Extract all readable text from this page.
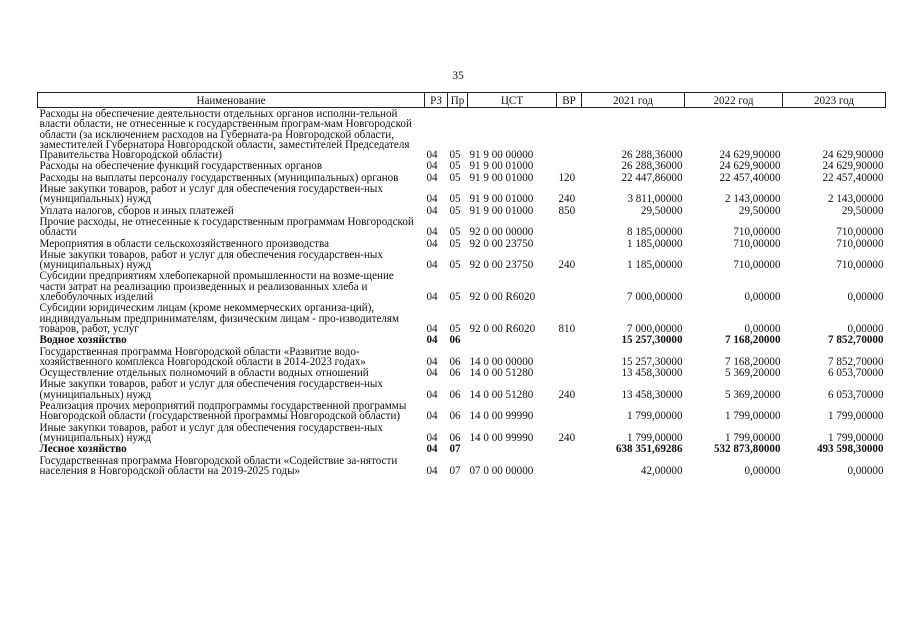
35
Наименование	РЗ	Пр	ЦСТ	ВР	2021 год	2022 год	2023 год
Расходы на обеспечение деятельности отдельных органов исполни-тельной власти области, не отнесенные к государственным програм-мам Новгородской области (за исключением расходов на Губерната-ра Новгородской области, заместителей Губернатора Новгородской области, заместителей Председателя Правительства Новгородской области)	04	05	91 9 00 00000		26 288,36000	24 629,90000	24 629,90000
Расходы на обеспечение функций государственных органов	04	05	91 9 00 01000		26 288,36000	24 629,90000	24 629,90000
Расходы на выплаты персоналу государственных (муниципальных) органов	04	05	91 9 00 01000	120	22 447,86000	22 457,40000	22 457,40000
Иные закупки товаров, работ и услуг для обеспечения государствен-ных (муниципальных) нужд	04	05	91 9 00 01000	240	3 811,00000	2 143,00000	2 143,00000
Уплата налогов, сборов и иных платежей	04	05	91 9 00 01000	850	29,50000	29,50000	29,50000
Прочие расходы, не отнесенные к государственным программам Новгородской области	04	05	92 0 00 00000		8 185,00000	710,00000	710,00000
Мероприятия в области сельскохозяйственного производства	04	05	92 0 00 23750		1 185,00000	710,00000	710,00000
Иные закупки товаров, работ и услуг для обеспечения государствен-ных (муниципальных) нужд	04	05	92 0 00 23750	240	1 185,00000	710,00000	710,00000
Субсидии предприятиям хлебопекарной промышленности на возме-щение части затрат на реализацию произведенных и реализованных хлеба и хлебобулочных изделий	04	05	92 0 00 R6020		7 000,00000	0,00000	0,00000
Субсидии юридическим лицам (кроме некоммерческих организа-ций), индивидуальным предпринимателям, физическим лицам - про-изводителям товаров, работ, услуг	04	05	92 0 00 R6020	810	7 000,00000	0,00000	0,00000
Водное хозяйство	04	06			15 257,30000	7 168,20000	7 852,70000
Государственная программа Новгородской области «Развитие водо-хозяйственного комплекса Новгородской области в 2014-2023 годах»	04	06	14 0 00 00000		15 257,30000	7 168,20000	7 852,70000
Осуществление отдельных полномочий в области водных отношений	04	06	14 0 00 51280		13 458,30000	5 369,20000	6 053,70000
Иные закупки товаров, работ и услуг для обеспечения государствен-ных (муниципальных) нужд	04	06	14 0 00 51280	240	13 458,30000	5 369,20000	6 053,70000
Реализация прочих мероприятий подпрограммы государственной программы Новгородской области (государственной программы Новгородской области)	04	06	14 0 00 99990		1 799,00000	1 799,00000	1 799,00000
Иные закупки товаров, работ и услуг для обеспечения государствен-ных (муниципальных) нужд	04	06	14 0 00 99990	240	1 799,00000	1 799,00000	1 799,00000
Лесное хозяйство	04	07			638 351,69286	532 873,80000	493 598,30000
Государственная программа Новгородской области «Содействие за-нятости населения в Новгородской области на 2019-2025 годы»	04	07	07 0 00 00000		42,00000	0,00000	0,00000
